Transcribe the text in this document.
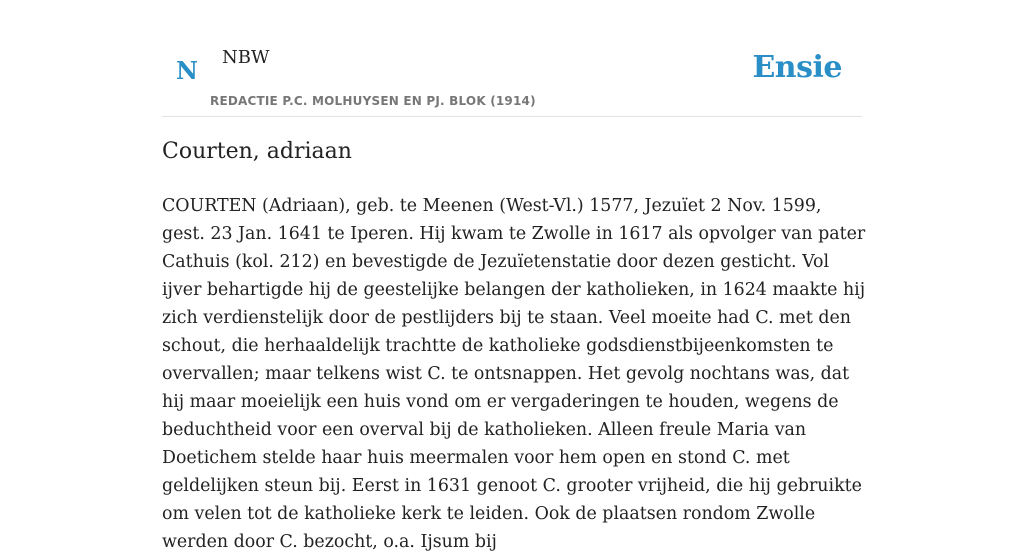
N NBW
REDACTIE P.C. MOLHUYSEN EN PJ. BLOK (1914)
Ensie
Courten, adriaan

COURTEN (Adriaan), geb. te Meenen (West-Vl.) 1577, Jezuïet 2 Nov. 1599, gest. 23 Jan. 1641 te Iperen. Hij kwam te Zwolle in 1617 als opvolger van pater Cathuis (kol. 212) en bevestigde de Jezuïetenstatie door dezen gesticht. Vol ijver behartigde hij de geestelijke belangen der katholieken, in 1624 maakte hij zich verdienstelijk door de pestlijders bij te staan. Veel moeite had C. met den schout, die herhaaldelijk trachtte de katholieke godsdienstbijeenkomsten te overvallen; maar telkens wist C. te ontsnappen. Het gevolg nochtans was, dat hij maar moeielijk een huis vond om er vergaderingen te houden, wegens de beduchtheid voor een overval bij de katholieken. Alleen freule Maria van Doetichem stelde haar huis meermalen voor hem open en stond C. met geldelijken steun bij. Eerst in 1631 genoot C. grooter vrijheid, die hij gebruikte om velen tot de katholieke kerk te leiden. Ook de plaatsen rondom Zwolle werden door C. bezocht, o.a. Ijsum bij
